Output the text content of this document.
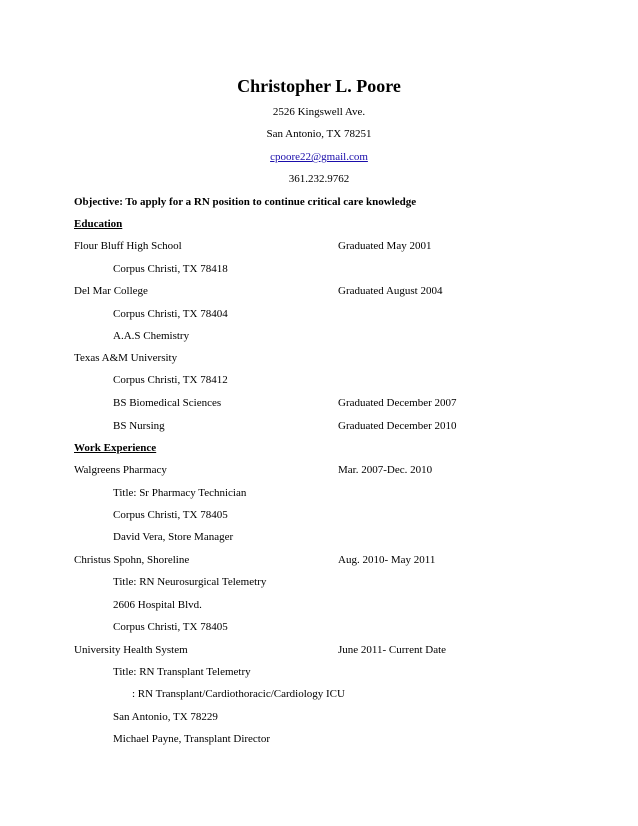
Christopher L. Poore
2526 Kingswell Ave.
San Antonio, TX 78251
cpoore22@gmail.com
361.232.9762
Objective: To apply for a RN position to continue critical care knowledge
Education
Flour Bluff High School	Graduated May 2001
Corpus Christi, TX 78418
Del Mar College	Graduated August 2004
Corpus Christi, TX 78404
A.A.S Chemistry
Texas A&M University
Corpus Christi, TX 78412
BS Biomedical Sciences	Graduated December 2007
BS Nursing	Graduated December 2010
Work Experience
Walgreens Pharmacy	Mar. 2007-Dec. 2010
Title: Sr Pharmacy Technician
Corpus Christi, TX 78405
David Vera, Store Manager
Christus Spohn, Shoreline	Aug. 2010- May 2011
Title: RN Neurosurgical Telemetry
2606 Hospital Blvd.
Corpus Christi, TX 78405
University Health System	June 2011- Current Date
Title: RN Transplant Telemetry
: RN Transplant/Cardiothoracic/Cardiology ICU
San Antonio, TX 78229
Michael Payne, Transplant Director
